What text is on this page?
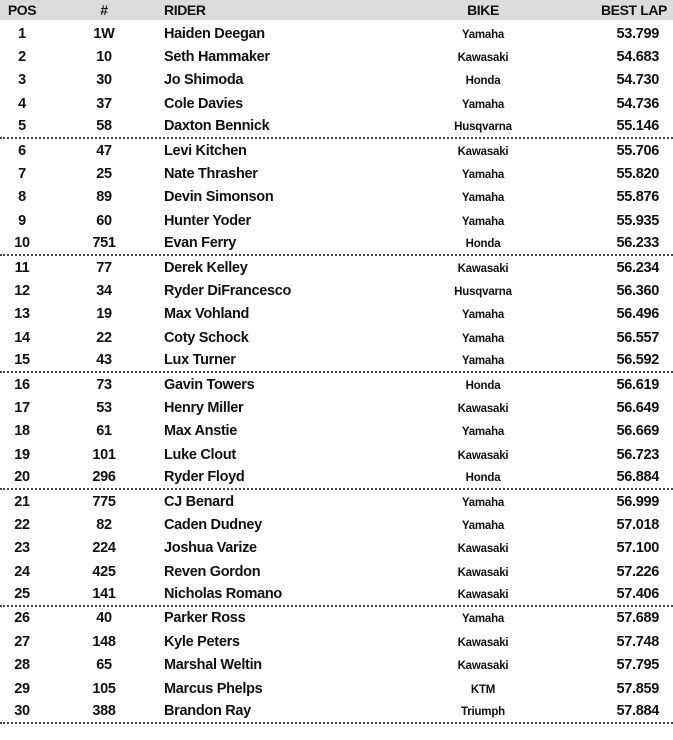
POS	#	RIDER	BIKE	BEST LAP
1	1W	Haiden Deegan	Yamaha	53.799
2	10	Seth Hammaker	Kawasaki	54.683
3	30	Jo Shimoda	Honda	54.730
4	37	Cole Davies	Yamaha	54.736
5	58	Daxton Bennick	Husqvarna	55.146
6	47	Levi Kitchen	Kawasaki	55.706
7	25	Nate Thrasher	Yamaha	55.820
8	89	Devin Simonson	Yamaha	55.876
9	60	Hunter Yoder	Yamaha	55.935
10	751	Evan Ferry	Honda	56.233
11	77	Derek Kelley	Kawasaki	56.234
12	34	Ryder DiFrancesco	Husqvarna	56.360
13	19	Max Vohland	Yamaha	56.496
14	22	Coty Schock	Yamaha	56.557
15	43	Lux Turner	Yamaha	56.592
16	73	Gavin Towers	Honda	56.619
17	53	Henry Miller	Kawasaki	56.649
18	61	Max Anstie	Yamaha	56.669
19	101	Luke Clout	Kawasaki	56.723
20	296	Ryder Floyd	Honda	56.884
21	775	CJ Benard	Yamaha	56.999
22	82	Caden Dudney	Yamaha	57.018
23	224	Joshua Varize	Kawasaki	57.100
24	425	Reven Gordon	Kawasaki	57.226
25	141	Nicholas Romano	Kawasaki	57.406
26	40	Parker Ross	Yamaha	57.689
27	148	Kyle Peters	Kawasaki	57.748
28	65	Marshal Weltin	Kawasaki	57.795
29	105	Marcus Phelps	KTM	57.859
30	388	Brandon Ray	Triumph	57.884
